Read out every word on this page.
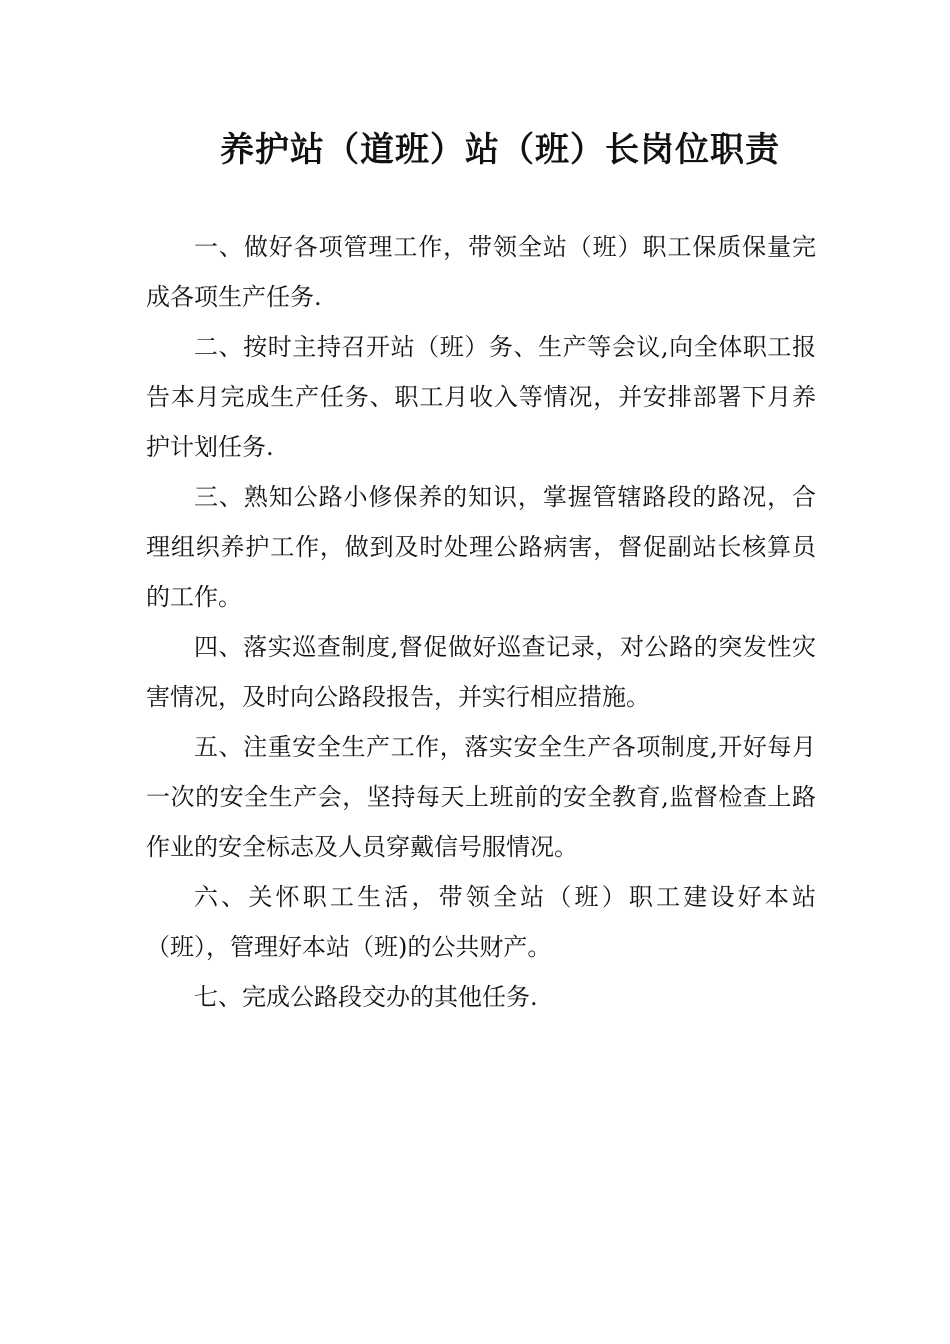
养护站（道班）站（班）长岗位职责

一、做好各项管理工作，带领全站（班）职工保质保量完成各项生产任务.

二、按时主持召开站（班）务、生产等会议,向全体职工报告本月完成生产任务、职工月收入等情况，并安排部署下月养护计划任务.

三、熟知公路小修保养的知识，掌握管辖路段的路况，合理组织养护工作，做到及时处理公路病害，督促副站长核算员的工作。

四、落实巡查制度,督促做好巡查记录，对公路的突发性灾害情况，及时向公路段报告，并实行相应措施。

五、注重安全生产工作，落实安全生产各项制度,开好每月一次的安全生产会，坚持每天上班前的安全教育,监督检查上路作业的安全标志及人员穿戴信号服情况。

六、关怀职工生活，带领全站（班）职工建设好本站（班），管理好本站（班)的公共财产。

七、完成公路段交办的其他任务.
